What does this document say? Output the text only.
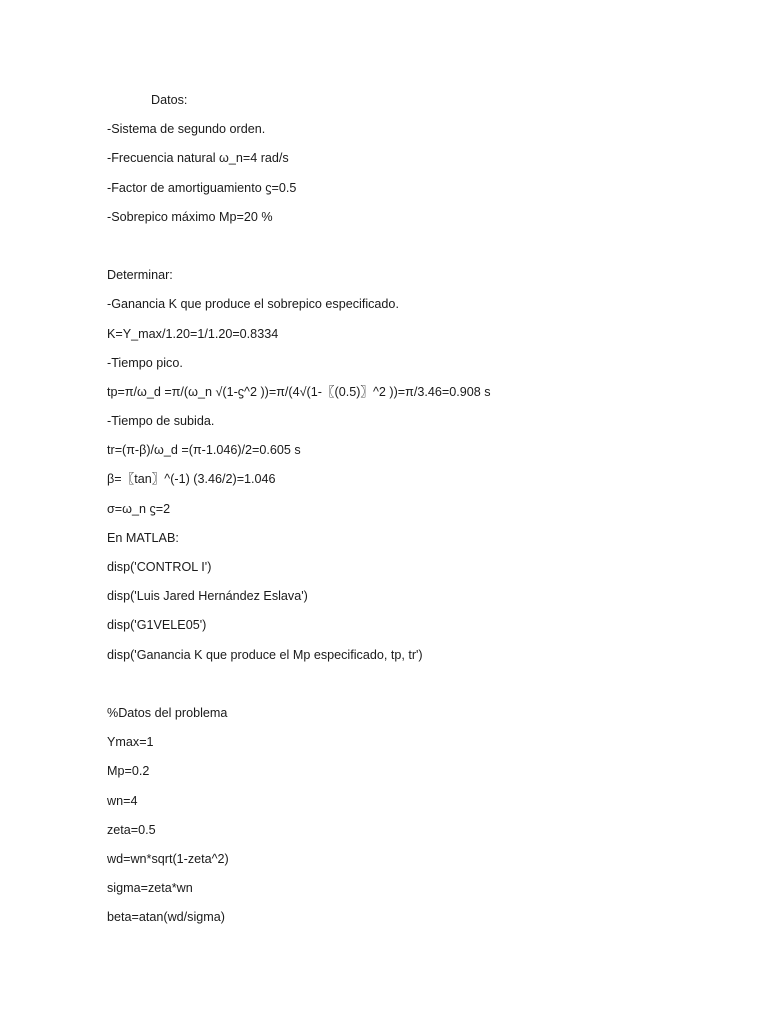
Datos:
-Sistema de segundo orden.
-Frecuencia natural ω_n=4 rad/s
-Factor de amortiguamiento ϛ=0.5
-Sobrepico máximo Mp=20 %
Determinar:
-Ganancia K que produce el sobrepico especificado.
K=Y_max/1.20=1/1.20=0.8334
-Tiempo pico.
tp=π/ω_d =π/(ω_n √(1-ϛ^2 ))=π/(4√(1-〖(0.5)〗^2 ))=π/3.46=0.908 s
-Tiempo de subida.
tr=(π-β)/ω_d =(π-1.046)/2=0.605 s
β=〖tan〗^(-1) (3.46/2)=1.046
σ=ω_n ϛ=2
En MATLAB:
disp('CONTROL I')
disp('Luis Jared Hernández Eslava')
disp('G1VELE05')
disp('Ganancia K que produce el Mp especificado, tp, tr')
%Datos del problema
Ymax=1
Mp=0.2
wn=4
zeta=0.5
wd=wn*sqrt(1-zeta^2)
sigma=zeta*wn
beta=atan(wd/sigma)
